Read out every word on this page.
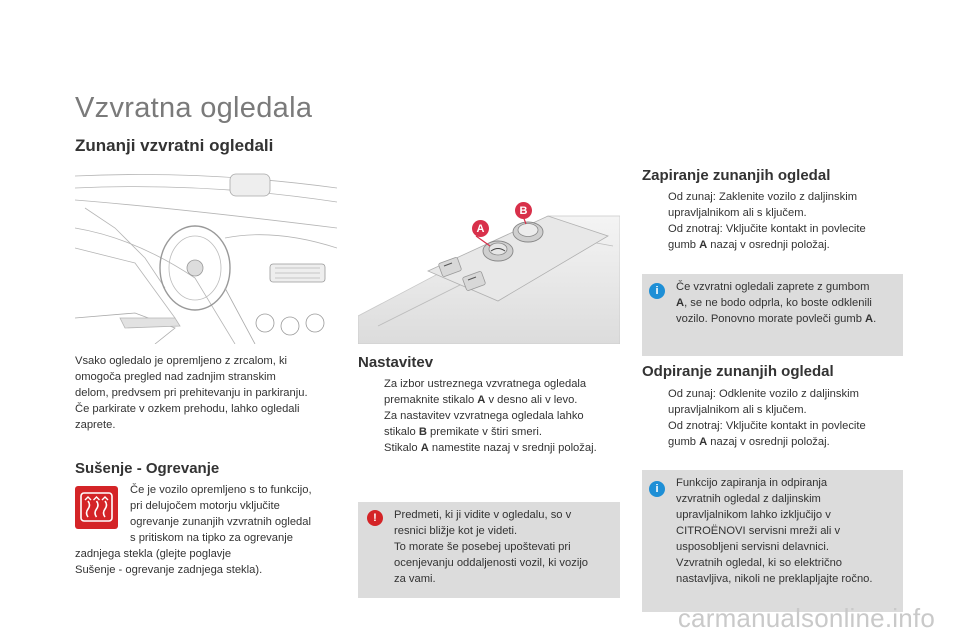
Vzvratna ogledala
Zunanji vzvratni ogledali
Vsako ogledalo je opremljeno z zrcalom, ki
omogoča pregled nad zadnjim stranskim
delom, predvsem pri prehitevanju in parkiranju.
Če parkirate v ozkem prehodu, lahko ogledali
zaprete.
Sušenje - Ogrevanje
Če je vozilo opremljeno s to funkcijo,
pri delujočem motorju vključite
ogrevanje zunanjih vzvratnih ogledal
s pritiskom na tipko za ogrevanje
zadnjega stekla (glejte poglavje
Sušenje - ogrevanje zadnjega stekla).
A
B
Nastavitev
Za izbor ustreznega vzvratnega ogledala
premaknite stikalo A v desno ali v levo.
Za nastavitev vzvratnega ogledala lahko
stikalo B premikate v štiri smeri.
Stikalo A namestite nazaj v srednji položaj.
!	Predmeti, ki ji vidite v ogledalu, so v
resnici bližje kot je videti.
To morate še posebej upoštevati pri
ocenjevanju oddaljenosti vozil, ki vozijo
za vami.
Zapiranje zunanjih ogledal
Od zunaj: Zaklenite vozilo z daljinskim
upravljalnikom ali s ključem.
Od znotraj: Vključite kontakt in povlecite
gumb A nazaj v osrednji položaj.
i	Če vzvratni ogledali zaprete z gumbom
A, se ne bodo odprla, ko boste odklenili
vozilo. Ponovno morate povleči gumb A.
Odpiranje zunanjih ogledal
Od zunaj: Odklenite vozilo z daljinskim
upravljalnikom ali s ključem.
Od znotraj: Vključite kontakt in povlecite
gumb A nazaj v osrednji položaj.
i	Funkcijo zapiranja in odpiranja
vzvratnih ogledal z daljinskim
upravljalnikom lahko izklјučijo v
CITROËNOVI servisni mreži ali v
usposobljeni servisni delavnici.
Vzvratnih ogledal, ki so električno
nastavljiva, nikoli ne preklapljajte ročno.
carmanualsonline.info
